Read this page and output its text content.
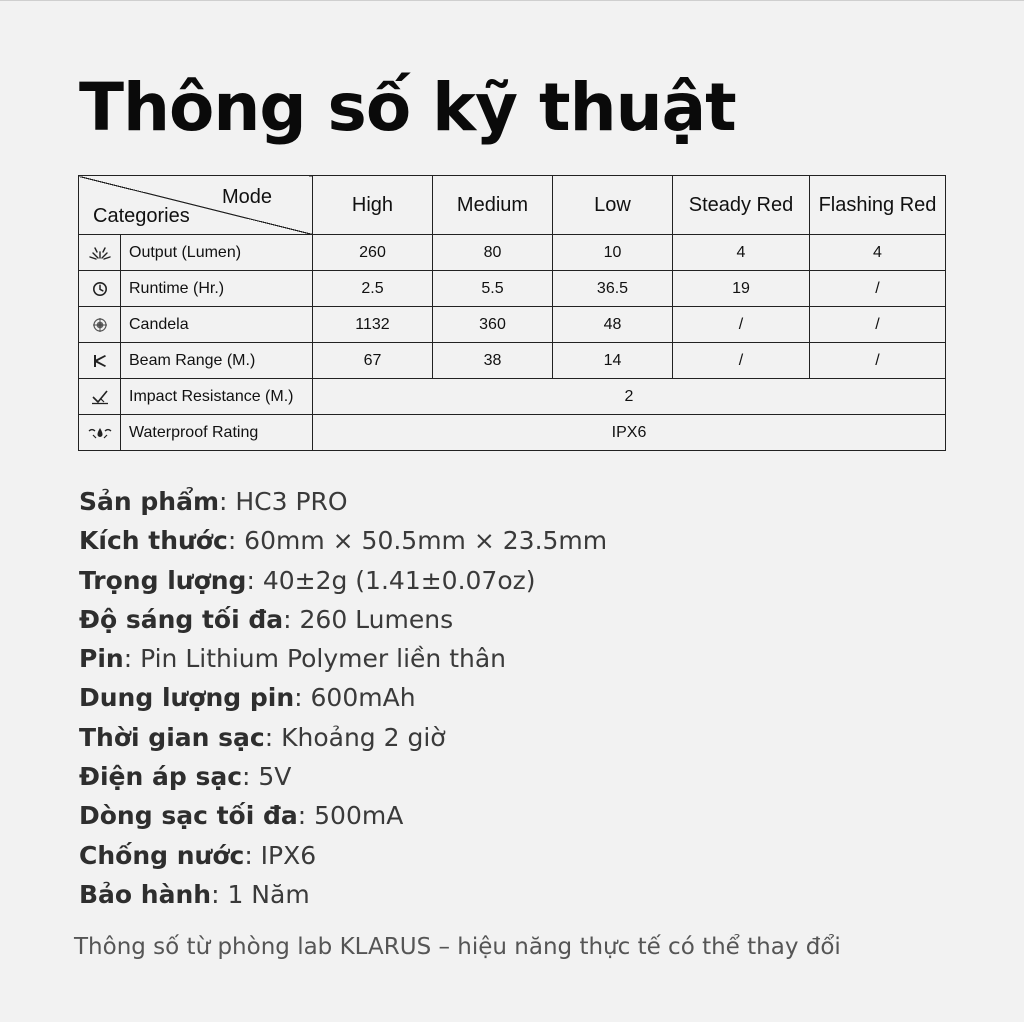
Thông số kỹ thuật
Mode
Categories		High	Medium	Low	Steady Red	Flashing Red

	Output (Lumen)	260	80	10	4	4

	Runtime (Hr.)	2.5	5.5	36.5	19	/

	Candela	1132	360	48	/	/

	Beam Range (M.)	67	38	14	/	/

	Impact Resistance (M.)	2				

	Waterproof Rating	IPX6				
Sản phẩm: HC3 PRO
Kích thước: 60mm × 50.5mm × 23.5mm
Trọng lượng: 40±2g (1.41±0.07oz)
Độ sáng tối đa: 260 Lumens
Pin: Pin Lithium Polymer liền thân
Dung lượng pin: 600mAh
Thời gian sạc: Khoảng 2 giờ
Điện áp sạc: 5V
Dòng sạc tối đa: 500mA
Chống nước: IPX6
Bảo hành: 1 Năm

Thông số từ phòng lab KLARUS – hiệu năng thực tế có thể thay đổi
